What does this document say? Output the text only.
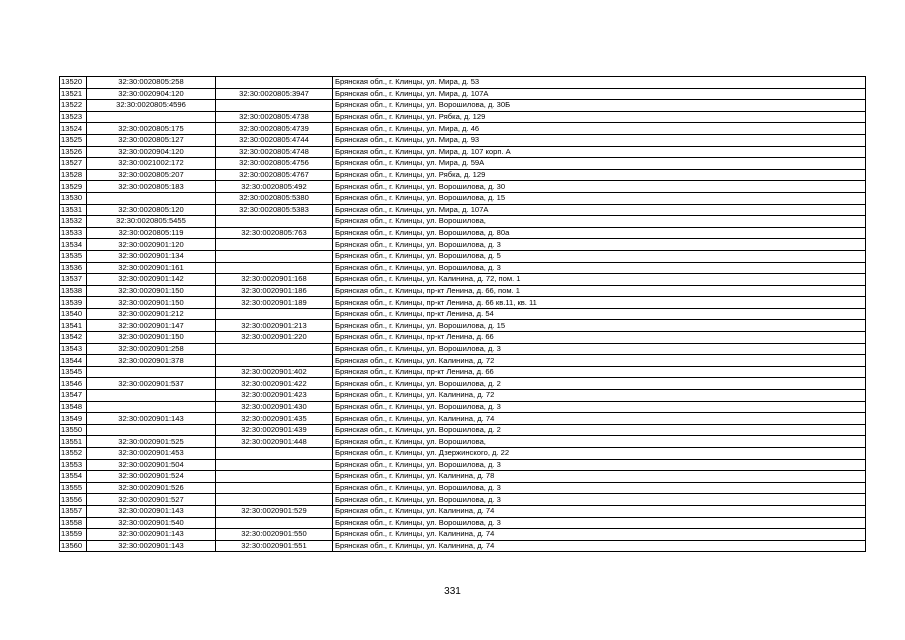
13520	32:30:0020805:258		Брянская обл., г. Клинцы, ул. Мира, д. 53
13521	32:30:0020904:120	32:30:0020805:3947	Брянская обл., г. Клинцы, ул. Мира, д. 107А
13522	32:30:0020805:4596		Брянская обл., г. Клинцы, ул. Ворошилова, д. 30Б
13523		32:30:0020805:4738	Брянская обл., г. Клинцы, ул. Рябка, д. 129
13524	32:30:0020805:175	32:30:0020805:4739	Брянская обл., г. Клинцы, ул. Мира, д. 46
13525	32:30:0020805:127	32:30:0020805:4744	Брянская обл., г. Клинцы, ул. Мира, д. 93
13526	32:30:0020904:120	32:30:0020805:4748	Брянская обл., г. Клинцы, ул. Мира, д. 107 корп. А
13527	32:30:0021002:172	32:30:0020805:4756	Брянская обл., г. Клинцы, ул. Мира, д. 59А
13528	32:30:0020805:207	32:30:0020805:4767	Брянская обл., г. Клинцы, ул. Рябка, д. 129
13529	32:30:0020805:183	32:30:0020805:492	Брянская обл., г. Клинцы, ул. Ворошилова, д. 30
13530		32:30:0020805:5380	Брянская обл., г. Клинцы, ул. Ворошилова, д. 15
13531	32:30:0020805:120	32:30:0020805:5383	Брянская обл., г. Клинцы, ул. Мира, д. 107А
13532	32:30:0020805:5455		Брянская обл., г. Клинцы, ул. Ворошилова,
13533	32:30:0020805:119	32:30:0020805:763	Брянская обл., г. Клинцы, ул. Ворошилова, д. 80а
13534	32:30:0020901:120		Брянская обл., г. Клинцы, ул. Ворошилова, д. 3
13535	32:30:0020901:134		Брянская обл., г. Клинцы, ул. Ворошилова, д. 5
13536	32:30:0020901:161		Брянская обл., г. Клинцы, ул. Ворошилова, д. 3
13537	32:30:0020901:142	32:30:0020901:168	Брянская обл., г. Клинцы, ул. Калинина, д. 72, пом. 1
13538	32:30:0020901:150	32:30:0020901:186	Брянская обл., г. Клинцы, пр-кт Ленина, д. 66, пом. 1
13539	32:30:0020901:150	32:30:0020901:189	Брянская обл., г. Клинцы, пр-кт Ленина, д. 66 кв.11, кв. 11
13540	32:30:0020901:212		Брянская обл., г. Клинцы, пр-кт Ленина, д. 54
13541	32:30:0020901:147	32:30:0020901:213	Брянская обл., г. Клинцы, ул. Ворошилова, д. 15
13542	32:30:0020901:150	32:30:0020901:220	Брянская обл., г. Клинцы, пр-кт Ленина, д. 66
13543	32:30:0020901:258		Брянская обл., г. Клинцы, ул. Ворошилова, д. 3
13544	32:30:0020901:378		Брянская обл., г. Клинцы, ул. Калинина, д. 72
13545		32:30:0020901:402	Брянская обл., г. Клинцы, пр-кт Ленина, д. 66
13546	32:30:0020901:537	32:30:0020901:422	Брянская обл., г. Клинцы, ул. Ворошилова, д. 2
13547		32:30:0020901:423	Брянская обл., г. Клинцы, ул. Калинина, д. 72
13548		32:30:0020901:430	Брянская обл., г. Клинцы, ул. Ворошилова, д. 3
13549	32:30:0020901:143	32:30:0020901:435	Брянская обл., г. Клинцы, ул. Калинина, д. 74
13550		32:30:0020901:439	Брянская обл., г. Клинцы, ул. Ворошилова, д. 2
13551	32:30:0020901:525	32:30:0020901:448	Брянская обл., г. Клинцы, ул. Ворошилова,
13552	32:30:0020901:453		Брянская обл., г. Клинцы, ул. Дзержинского, д. 22
13553	32:30:0020901:504		Брянская обл., г. Клинцы, ул. Ворошилова, д. 3
13554	32:30:0020901:524		Брянская обл., г. Клинцы, ул. Калинина, д. 78
13555	32:30:0020901:526		Брянская обл., г. Клинцы, ул. Ворошилова, д. 3
13556	32:30:0020901:527		Брянская обл., г. Клинцы, ул. Ворошилова, д. 3
13557	32:30:0020901:143	32:30:0020901:529	Брянская обл., г. Клинцы, ул. Калинина, д. 74
13558	32:30:0020901:540		Брянская обл., г. Клинцы, ул. Ворошилова, д. 3
13559	32:30:0020901:143	32:30:0020901:550	Брянская обл., г. Клинцы, ул. Калинина, д. 74
13560	32:30:0020901:143	32:30:0020901:551	Брянская обл., г. Клинцы, ул. Калинина, д. 74
331
